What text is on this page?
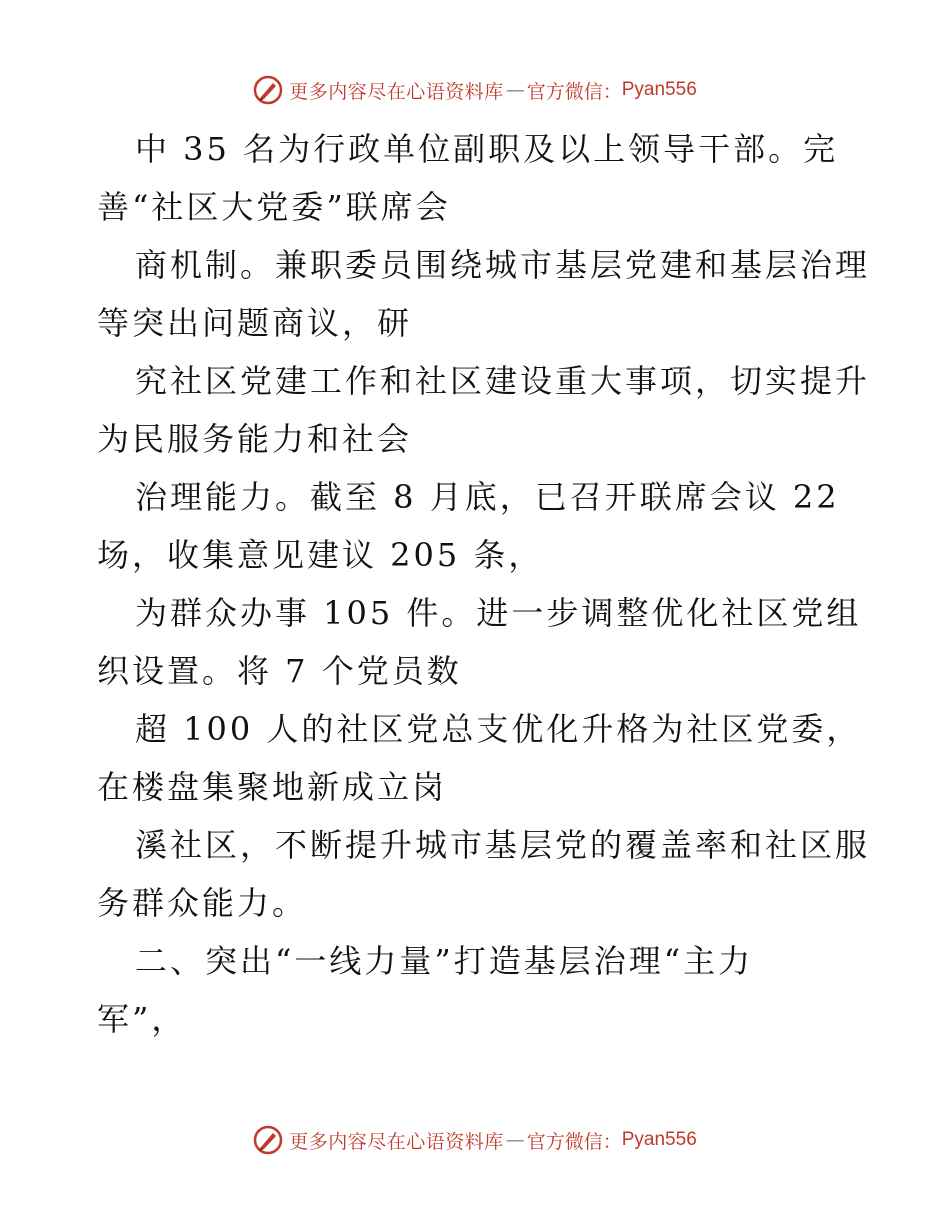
更多内容尽在心语资料库 — 官方微信： Pyan556

中 35 名为行政单位副职及以上领导干部。完
善“社区大党委”联席会

商机制。兼职委员围绕城市基层党建和基层治理
等突出问题商议，研

究社区党建工作和社区建设重大事项，切实提升
为民服务能力和社会

治理能力。截至 8 月底，已召开联席会议 22
场，收集意见建议 205 条，

为群众办事 105 件。进一步调整优化社区党组
织设置。将 7 个党员数

超 100 人的社区党总支优化升格为社区党委，
在楼盘集聚地新成立岗

溪社区，不断提升城市基层党的覆盖率和社区服
务群众能力。

二、突出“一线力量”打造基层治理“主力
军”，

更多内容尽在心语资料库 — 官方微信： Pyan556
